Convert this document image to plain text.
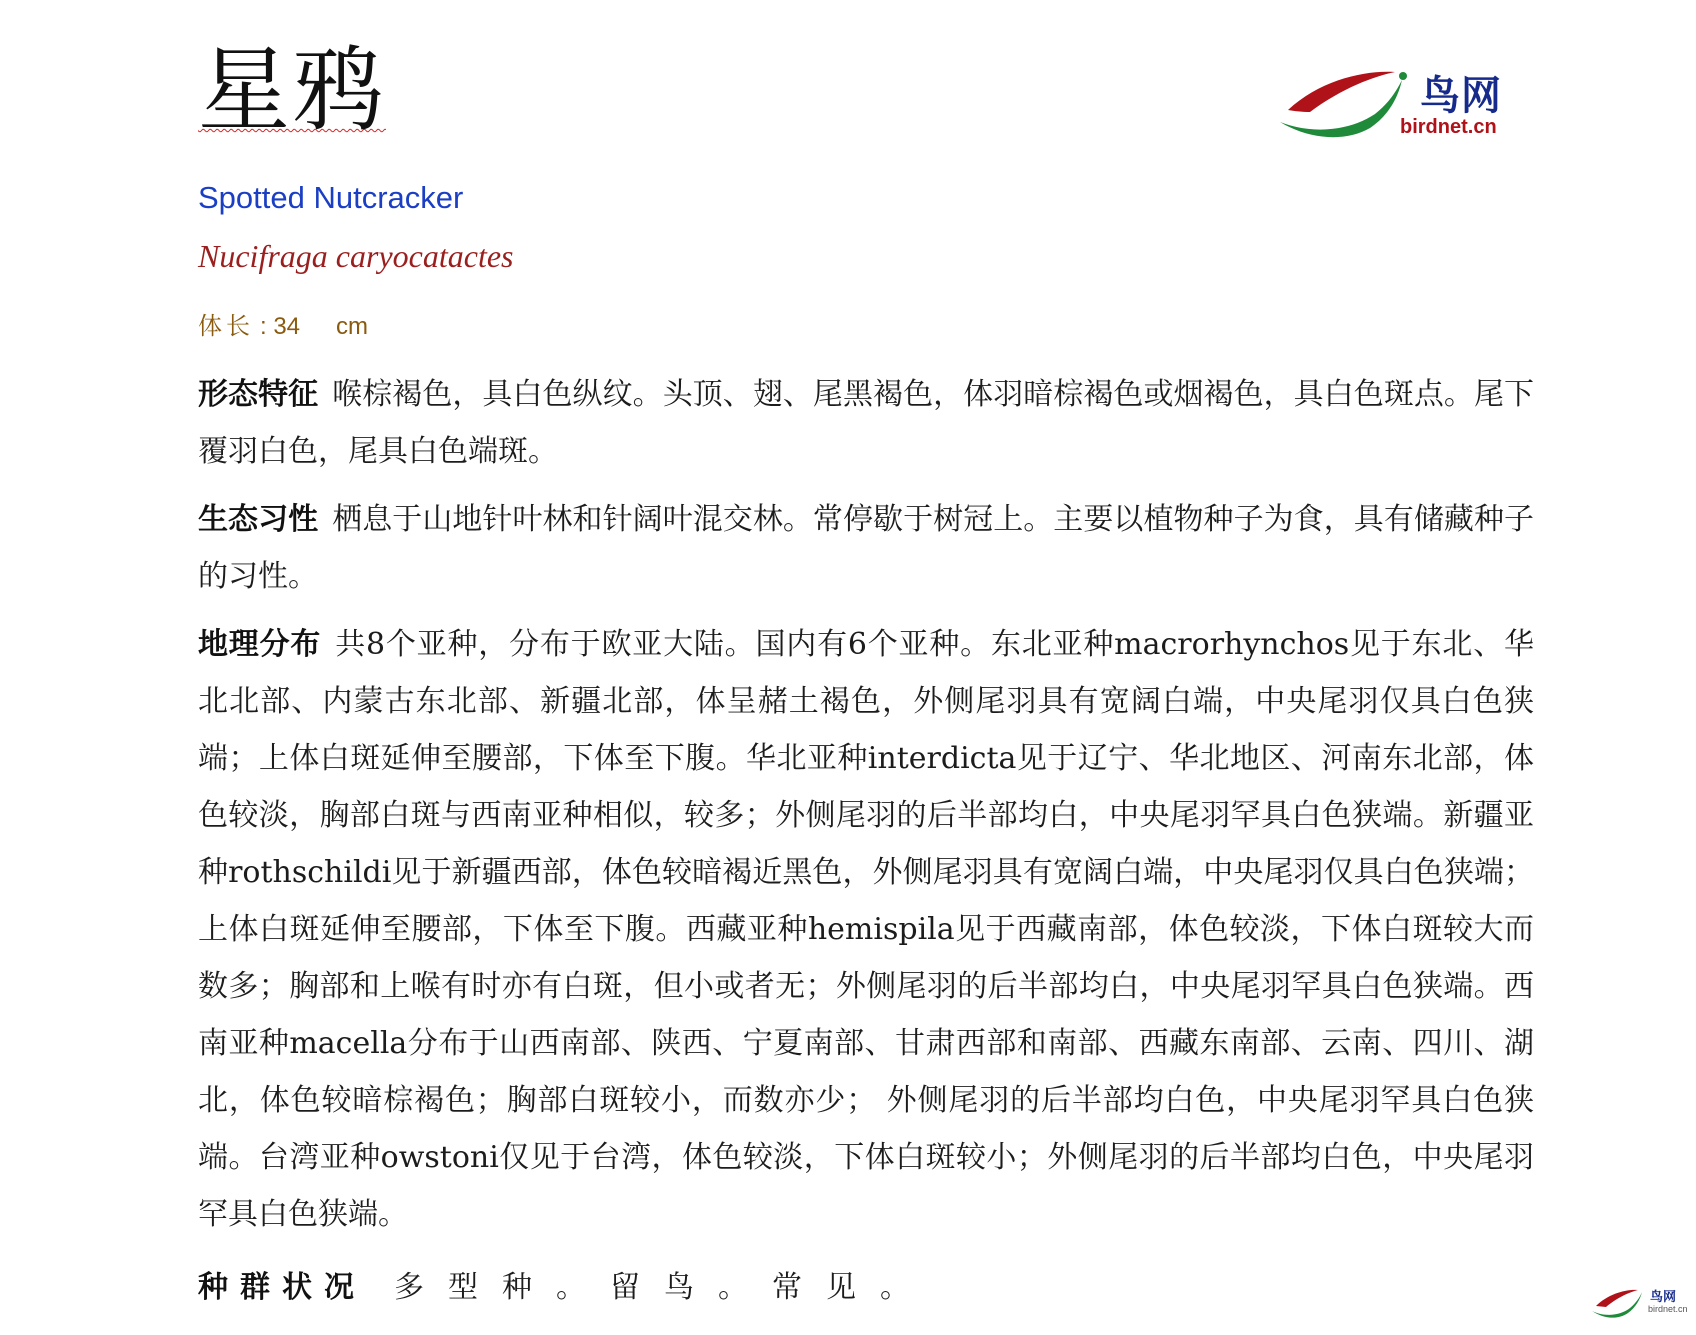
星鸦	鸟网
birdnet.cn
Spotted Nutcracker
Nucifraga caryocatactes
体长 : 34 cm

形态特征 喉棕褐色，具白色纵纹。头顶、翅、尾黑褐色，体羽暗棕褐色或烟褐色，具白色斑点。尾下覆羽白色，尾具白色端斑。

生态习性 栖息于山地针叶林和针阔叶混交林。常停歇于树冠上。主要以植物种子为食，具有储藏种子的习性。

地理分布 共8个亚种，分布于欧亚大陆。国内有6个亚种。东北亚种macrorhynchos见于东北、华北北部、内蒙古东北部、新疆北部，体呈赭土褐色，外侧尾羽具有宽阔白端，中央尾羽仅具白色狭端；上体白斑延伸至腰部，下体至下腹。华北亚种interdicta见于辽宁、华北地区、河南东北部，体色较淡，胸部白斑与西南亚种相似，较多；外侧尾羽的后半部均白，中央尾羽罕具白色狭端。新疆亚种rothschildi见于新疆西部，体色较暗褐近黑色，外侧尾羽具有宽阔白端，中央尾羽仅具白色狭端；上体白斑延伸至腰部，下体至下腹。西藏亚种hemispila见于西藏南部，体色较淡，下体白斑较大而数多；胸部和上喉有时亦有白斑，但小或者无；外侧尾羽的后半部均白，中央尾羽罕具白色狭端。西南亚种macella分布于山西南部、陕西、宁夏南部、甘肃西部和南部、西藏东南部、云南、四川、湖北，体色较暗棕褐色；胸部白斑较小，而数亦少； 外侧尾羽的后半部均白色，中央尾羽罕具白色狭端。台湾亚种owstoni仅见于台湾，体色较淡，下体白斑较小；外侧尾羽的后半部均白色，中央尾羽罕具白色狭端。

种群状况 多型种。留鸟。常见。	鸟网
birdnet.cn
